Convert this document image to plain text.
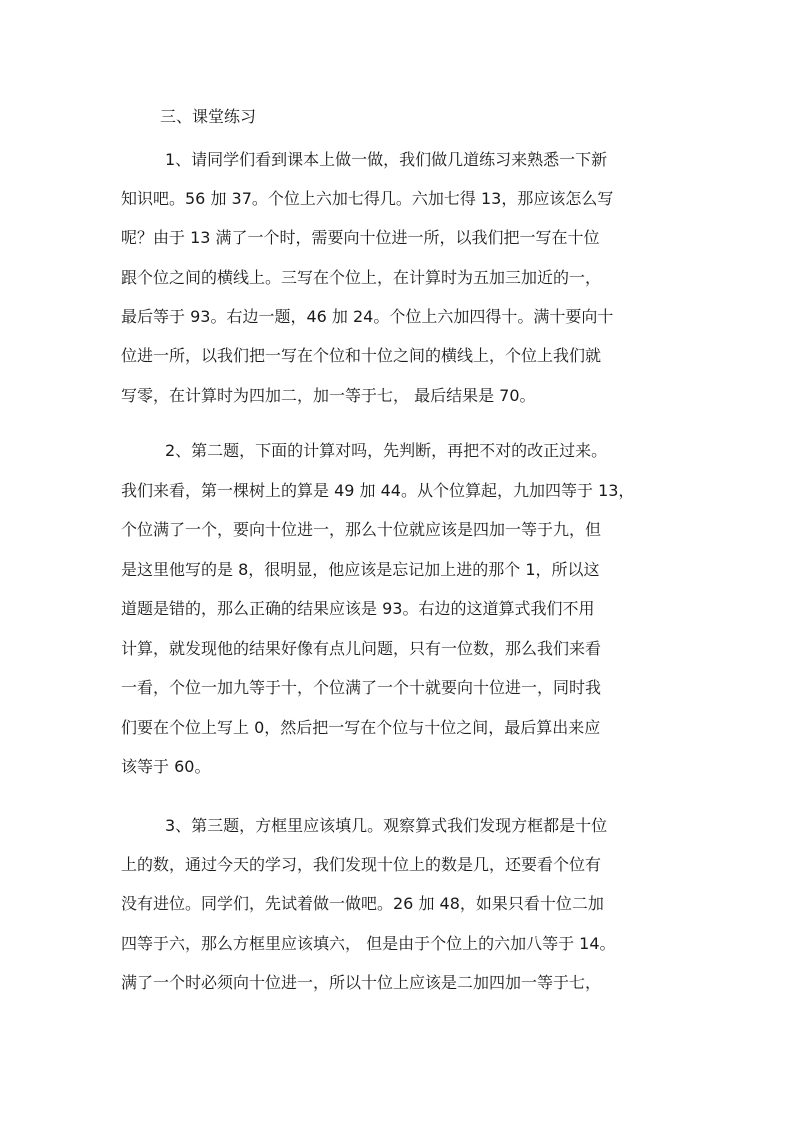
三、课堂练习
1、请同学们看到课本上做一做，我们做几道练习来熟悉一下新
知识吧。56 加 37。个位上六加七得几。六加七得 13，那应该怎么写
呢？由于 13 满了一个时，需要向十位进一所，以我们把一写在十位
跟个位之间的横线上。三写在个位上，在计算时为五加三加近的一，
最后等于 93。右边一题，46 加 24。个位上六加四得十。满十要向十
位进一所，以我们把一写在个位和十位之间的横线上，个位上我们就
写零，在计算时为四加二，加一等于七， 最后结果是 70。
2、第二题，下面的计算对吗，先判断，再把不对的改正过来。
我们来看，第一棵树上的算是 49 加 44。从个位算起，九加四等于 13，
个位满了一个，要向十位进一，那么十位就应该是四加一等于九，但
是这里他写的是 8，很明显，他应该是忘记加上进的那个 1，所以这
道题是错的，那么正确的结果应该是 93。右边的这道算式我们不用
计算，就发现他的结果好像有点儿问题，只有一位数，那么我们来看
一看，个位一加九等于十，个位满了一个十就要向十位进一，同时我
们要在个位上写上 0，然后把一写在个位与十位之间，最后算出来应
该等于 60。
3、第三题，方框里应该填几。观察算式我们发现方框都是十位
上的数，通过今天的学习，我们发现十位上的数是几，还要看个位有
没有进位。同学们，先试着做一做吧。26 加 48，如果只看十位二加
四等于六，那么方框里应该填六， 但是由于个位上的六加八等于 14。
满了一个时必须向十位进一，所以十位上应该是二加四加一等于七，
